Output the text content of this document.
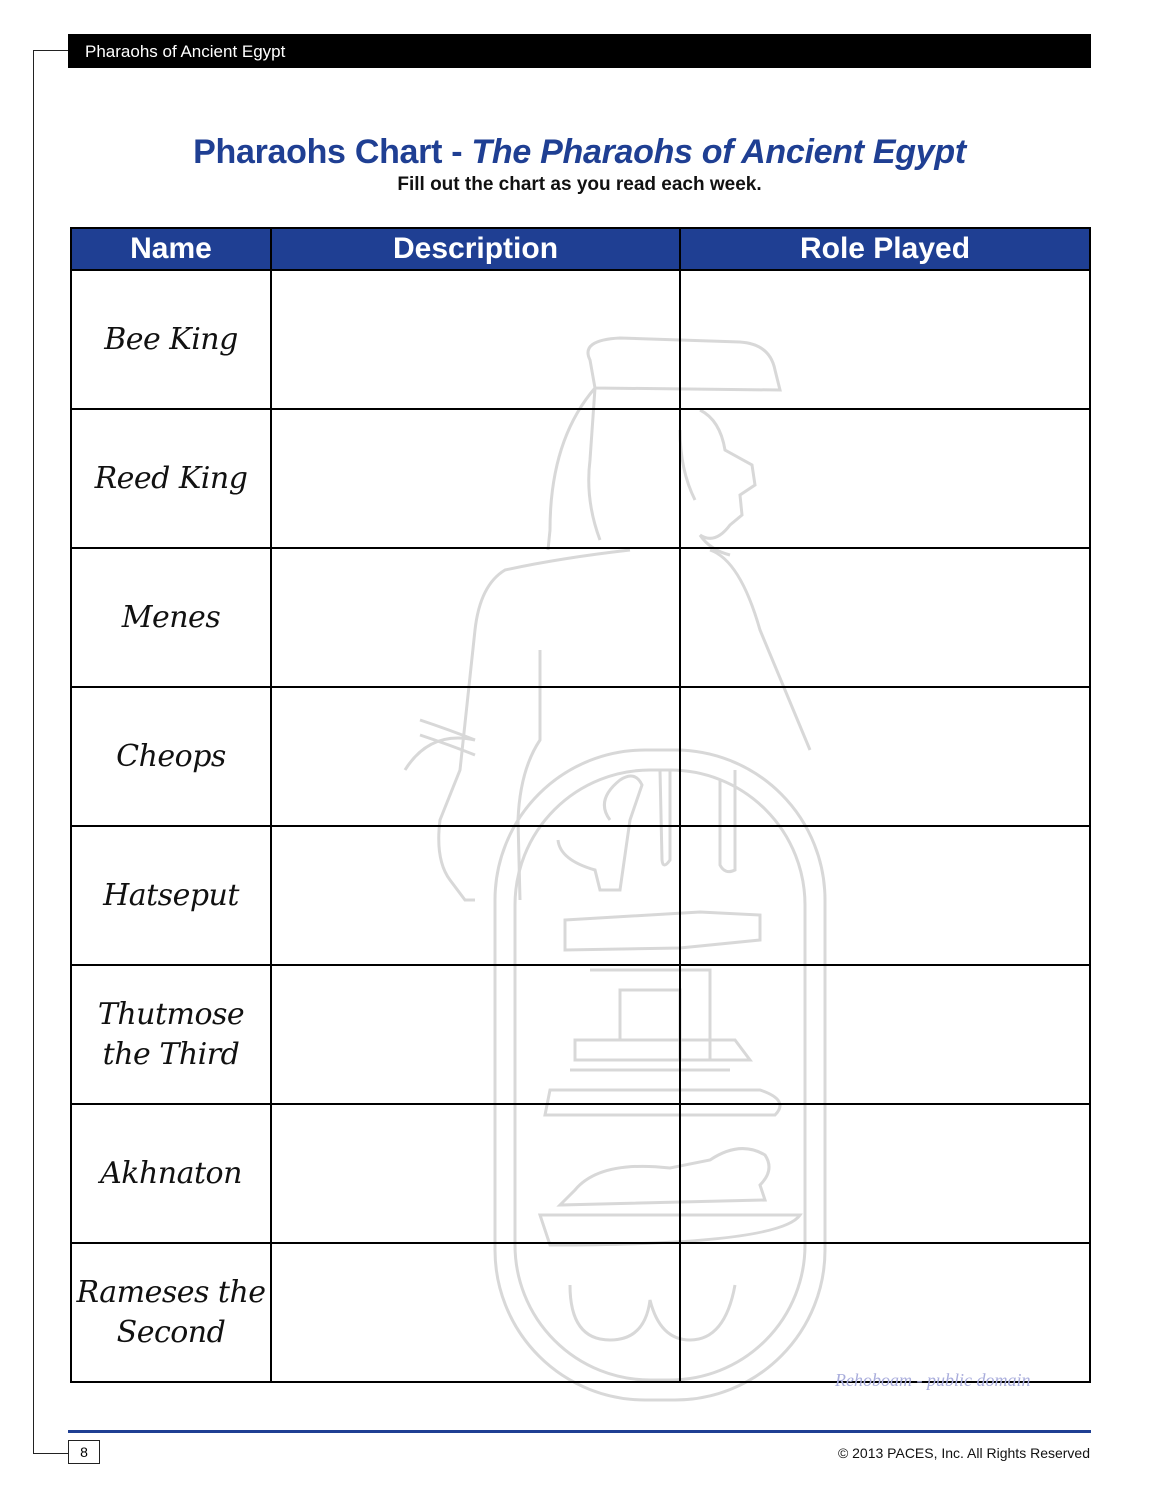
Pharaohs of Ancient Egypt
Pharaohs Chart - The Pharaohs of Ancient Egypt
Fill out the chart as you read each week.
Name	Description	Role Played
Bee King		
Reed King		
Menes		
Cheops		
Hatseput		
Thutmose the Third		
Akhnaton		
Rameses the Second		
Rehoboam - public domain
8	© 2013 PACES, Inc. All Rights Reserved
